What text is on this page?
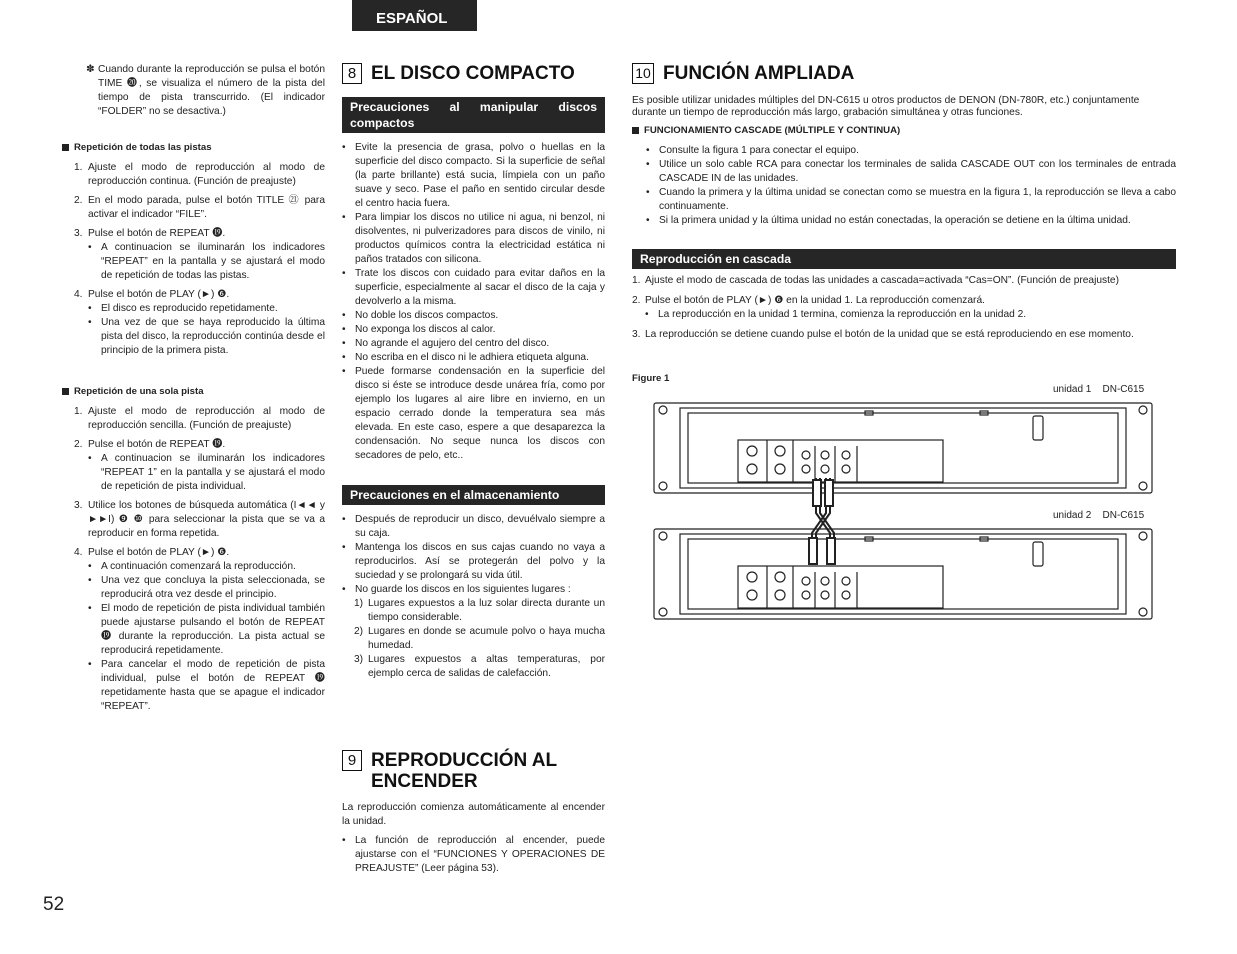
ESPAÑOL
✽ Cuando durante la reproducción se pulsa el botón TIME ⓴, se visualiza el número de la pista del tiempo de pista transcurrido. (El indicador “FOLDER” no se desactiva.)
Repetición de todas las pistas
1. Ajuste el modo de reproducción al modo de reproducción continua. (Función de preajuste)
2. En el modo parada, pulse el botón TITLE ㉑ para activar el indicador “FILE”.
3. Pulse el botón de REPEAT ⓳.
• A continuacion se iluminarán los indicadores “REPEAT” en la pantalla y se ajustará el modo de repetición de todas las pistas.
4. Pulse el botón de PLAY (►) ❻.
• El disco es reproducido repetidamente.
• Una vez de que se haya reproducido la última pista del disco, la reproducción continúa desde el principio de la primera pista.
Repetición de una sola pista
1. Ajuste el modo de reproducción al modo de reproducción sencilla. (Función de preajuste)
2. Pulse el botón de REPEAT ⓳.
• A continuacion se iluminarán los indicadores “REPEAT 1” en la pantalla y se ajustará el modo de repetición de pista individual.
3. Utilice los botones de búsqueda automática (I◄◄ y ►►I) ❾ ❿ para seleccionar la pista que se va a reproducir en forma repetida.
4. Pulse el botón de PLAY (►) ❻.
• A continuación comenzará la reproducción.
• Una vez que concluya la pista seleccionada, se reproducirá otra vez desde el principio.
• El modo de repetición de pista individual también puede ajustarse pulsando el botón de REPEAT ⓳ durante la reproducción. La pista actual se reproducirá repetidamente.
• Para cancelar el modo de repetición de pista individual, pulse el botón de REPEAT ⓳ repetidamente hasta que se apague el indicador “REPEAT”.
8 EL DISCO COMPACTO
Precauciones al manipular discos compactos
• Evite la presencia de grasa, polvo o huellas en la superficie del disco compacto. Si la superficie de señal (la parte brillante) está sucia, límpiela con un paño suave y seco. Pase el paño en sentido circular desde el centro hacia fuera.
• Para limpiar los discos no utilice ni agua, ni benzol, ni disolventes, ni pulverizadores para discos de vinilo, ni productos químicos contra la electricidad estática ni paños tratados con silicona.
• Trate los discos con cuidado para evitar daños en la superficie, especialmente al sacar el disco de la caja y devolverlo a la misma.
• No doble los discos compactos.
• No exponga los discos al calor.
• No agrande el agujero del centro del disco.
• No escriba en el disco ni le adhiera etiqueta alguna.
• Puede formarse condensación en la superficie del disco si éste se introduce desde unárea fría, como por ejemplo los lugares al aire libre en invierno, en un espacio cerrado donde la temperatura sea más elevada. En este caso, espere a que desaparezca la condensación. No seque nunca los discos con secadores de pelo, etc..
Precauciones en el almacenamiento
• Después de reproducir un disco, devuélvalo siempre a su caja.
• Mantenga los discos en sus cajas cuando no vaya a reproducirlos. Así se protegerán del polvo y la suciedad y se prolongará su vida útil.
• No guarde los discos en los siguientes lugares :
1) Lugares expuestos a la luz solar directa durante un tiempo considerable.
2) Lugares en donde se acumule polvo o haya mucha humedad.
3) Lugares expuestos a altas temperaturas, por ejemplo cerca de salidas de calefacción.
9 REPRODUCCIÓN AL
ENCENDER
La reproducción comienza automáticamente al encender la unidad.
• La función de reproducción al encender, puede ajustarse con el “FUNCIONES Y OPERACIONES DE PREAJUSTE” (Leer página 53).
10 FUNCIÓN AMPLIADA
Es posible utilizar unidades múltiples del DN-C615 u otros productos de DENON (DN-780R, etc.) conjuntamente durante un tiempo de reproducción más largo, grabación simultánea y otras funciones.
FUNCIONAMIENTO CASCADE (MÚLTIPLE Y CONTINUA)
• Consulte la figura 1 para conectar el equipo.
• Utilice un solo cable RCA para conectar los terminales de salida CASCADE OUT con los terminales de entrada CASCADE IN de las unidades.
• Cuando la primera y la última unidad se conectan como se muestra en la figura 1, la reproducción se lleva a cabo continuamente.
• Si la primera unidad y la última unidad no están conectadas, la operación se detiene en la última unidad.
Reproducción en cascada
1. Ajuste el modo de cascada de todas las unidades a cascada=activada “Cas=ON”. (Función de preajuste)
2. Pulse el botón de PLAY (►) ❻ en la unidad 1. La reproducción comenzará.
• La reproducción en la unidad 1 termina, comienza la reproducción en la unidad 2.
3. La reproducción se detiene cuando pulse el botón de la unidad que se está reproduciendo en ese momento.
Figure 1
unidad 1 DN-C615
unidad 2 DN-C615
52
